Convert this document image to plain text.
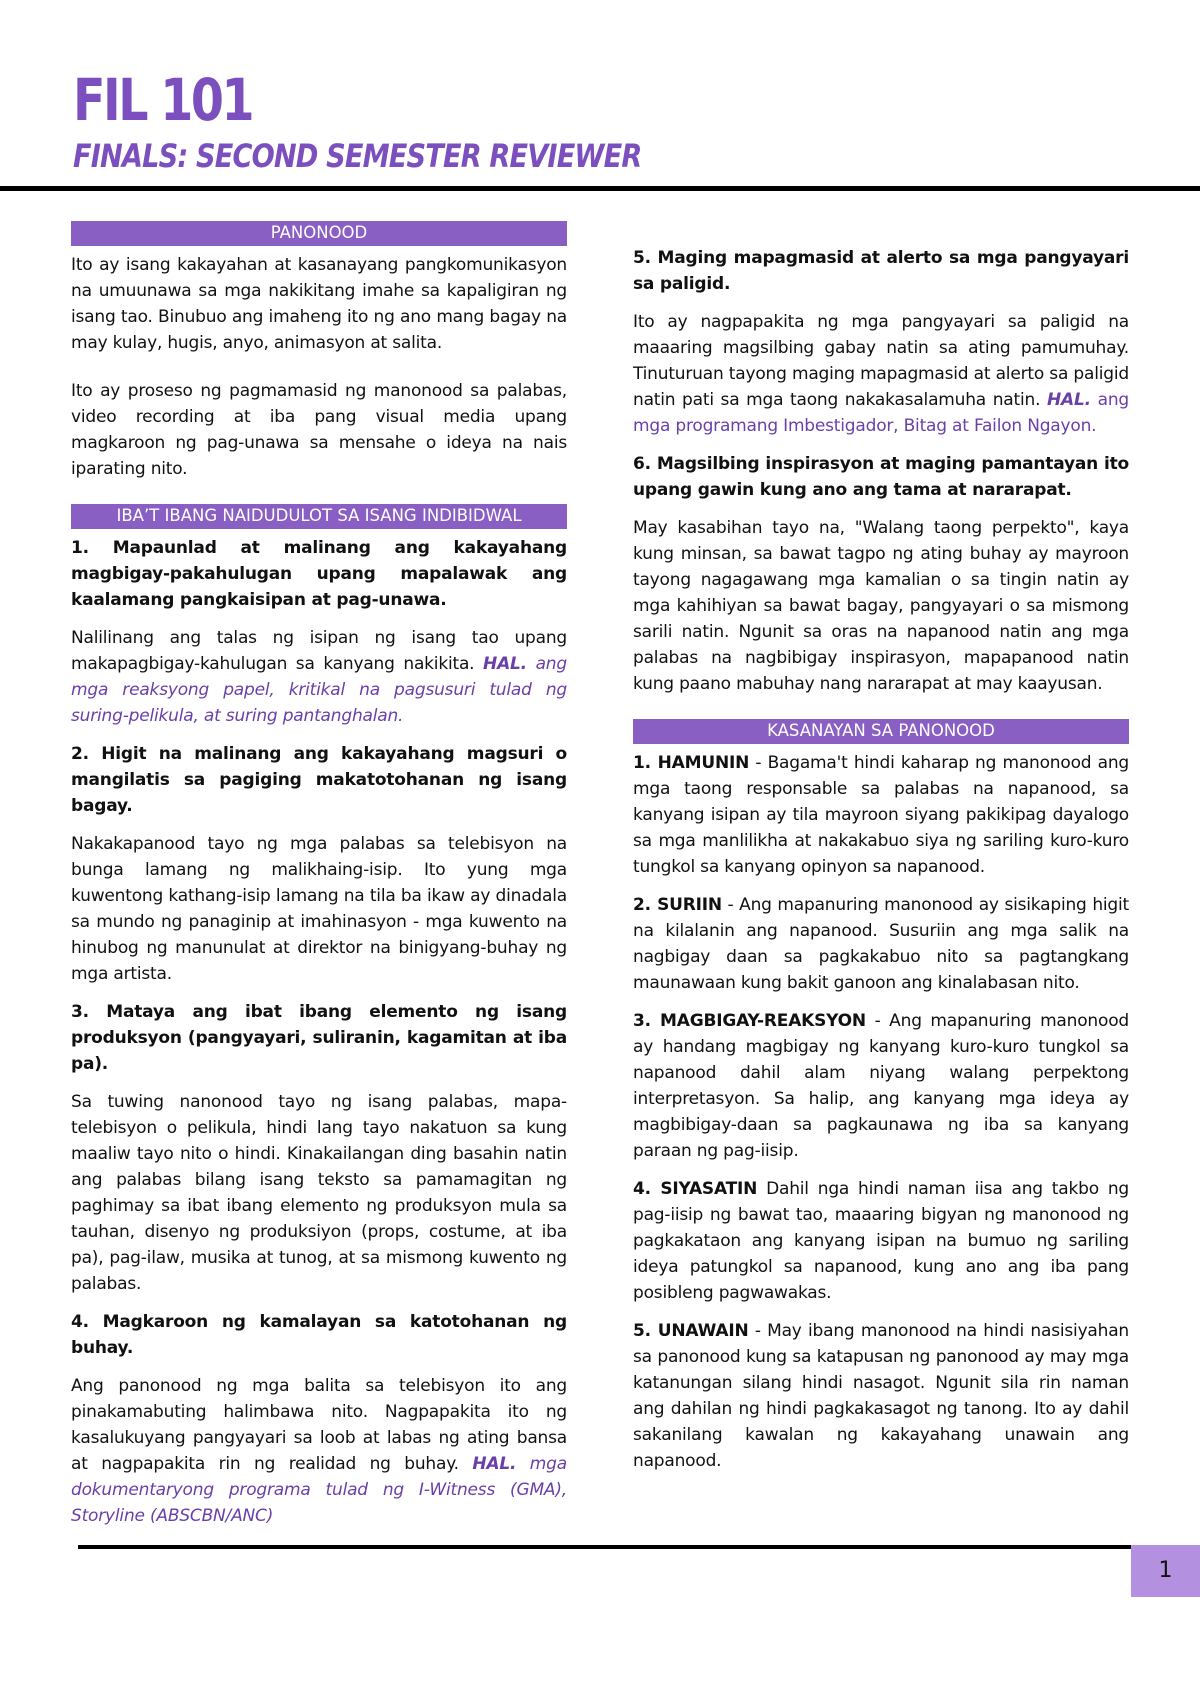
FIL 101
FINALS: SECOND SEMESTER REVIEWER
PANONOOD

Ito ay isang kakayahan at kasanayang pangkomunikasyon na umuunawa sa mga nakikitang imahe sa kapaligiran ng isang tao. Binubuo ang imaheng ito ng ano mang bagay na may kulay, hugis, anyo, animasyon at salita.

Ito ay proseso ng pagmamasid ng manonood sa palabas, video recording at iba pang visual media upang magkaroon ng pag-unawa sa mensahe o ideya na nais iparating nito.

IBA’T IBANG NAIDUDULOT SA ISANG INDIBIDWAL

1. Mapaunlad at malinang ang kakayahang magbigay-pakahulugan upang mapalawak ang kaalamang pangkaisipan at pag-unawa.

Nalilinang ang talas ng isipan ng isang tao upang makapagbigay-kahulugan sa kanyang nakikita. HAL. ang mga reaksyong papel, kritikal na pagsusuri tulad ng suring-pelikula, at suring pantanghalan.

2. Higit na malinang ang kakayahang magsuri o mangilatis sa pagiging makatotohanan ng isang bagay.

Nakakapanood tayo ng mga palabas sa telebisyon na bunga lamang ng malikhaing-isip. Ito yung mga kuwentong kathang-isip lamang na tila ba ikaw ay dinadala sa mundo ng panaginip at imahinasyon - mga kuwento na hinubog ng manunulat at direktor na binigyang-buhay ng mga artista.

3. Mataya ang ibat ibang elemento ng isang produksyon (pangyayari, suliranin, kagamitan at iba pa).

Sa tuwing nanonood tayo ng isang palabas, mapa-telebisyon o pelikula, hindi lang tayo nakatuon sa kung maaliw tayo nito o hindi. Kinakailangan ding basahin natin ang palabas bilang isang teksto sa pamamagitan ng paghimay sa ibat ibang elemento ng produksyon mula sa tauhan, disenyo ng produksiyon (props, costume, at iba pa), pag-ilaw, musika at tunog, at sa mismong kuwento ng palabas.

4. Magkaroon ng kamalayan sa katotohanan ng buhay.

Ang panonood ng mga balita sa telebisyon ito ang pinakamabuting halimbawa nito. Nagpapakita ito ng kasalukuyang pangyayari sa loob at labas ng ating bansa at nagpapakita rin ng realidad ng buhay. HAL. mga dokumentaryong programa tulad ng I-Witness (GMA), Storyline (ABSCBN/ANC)

5. Maging mapagmasid at alerto sa mga pangyayari sa paligid.

Ito ay nagpapakita ng mga pangyayari sa paligid na maaaring magsilbing gabay natin sa ating pamumuhay. Tinuturuan tayong maging mapagmasid at alerto sa paligid natin pati sa mga taong nakakasalamuha natin. HAL. ang mga programang Imbestigador, Bitag at Failon Ngayon.

6. Magsilbing inspirasyon at maging pamantayan ito upang gawin kung ano ang tama at nararapat.

May kasabihan tayo na, "Walang taong perpekto", kaya kung minsan, sa bawat tagpo ng ating buhay ay mayroon tayong nagagawang mga kamalian o sa tingin natin ay mga kahihiyan sa bawat bagay, pangyayari o sa mismong sarili natin. Ngunit sa oras na napanood natin ang mga palabas na nagbibigay inspirasyon, mapapanood natin kung paano mabuhay nang nararapat at may kaayusan.

KASANAYAN SA PANONOOD

1. HAMUNIN - Bagama't hindi kaharap ng manonood ang mga taong responsable sa palabas na napanood, sa kanyang isipan ay tila mayroon siyang pakikipag dayalogo sa mga manlilikha at nakakabuo siya ng sariling kuro-kuro tungkol sa kanyang opinyon sa napanood.

2. SURIIN - Ang mapanuring manonood ay sisikaping higit na kilalanin ang napanood. Susuriin ang mga salik na nagbigay daan sa pagkakabuo nito sa pagtangkang maunawaan kung bakit ganoon ang kinalabasan nito.

3. MAGBIGAY-REAKSYON - Ang mapanuring manonood ay handang magbigay ng kanyang kuro-kuro tungkol sa napanood dahil alam niyang walang perpektong interpretasyon. Sa halip, ang kanyang mga ideya ay magbibigay-daan sa pagkaunawa ng iba sa kanyang paraan ng pag-iisip.

4. SIYASATIN Dahil nga hindi naman iisa ang takbo ng pag-iisip ng bawat tao, maaaring bigyan ng manonood ng pagkakataon ang kanyang isipan na bumuo ng sariling ideya patungkol sa napanood, kung ano ang iba pang posibleng pagwawakas.

5. UNAWAIN - May ibang manonood na hindi nasisiyahan sa panonood kung sa katapusan ng panonood ay may mga katanungan silang hindi nasagot. Ngunit sila rin naman ang dahilan ng hindi pagkakasagot ng tanong. Ito ay dahil sakanilang kawalan ng kakayahang unawain ang napanood.

1
